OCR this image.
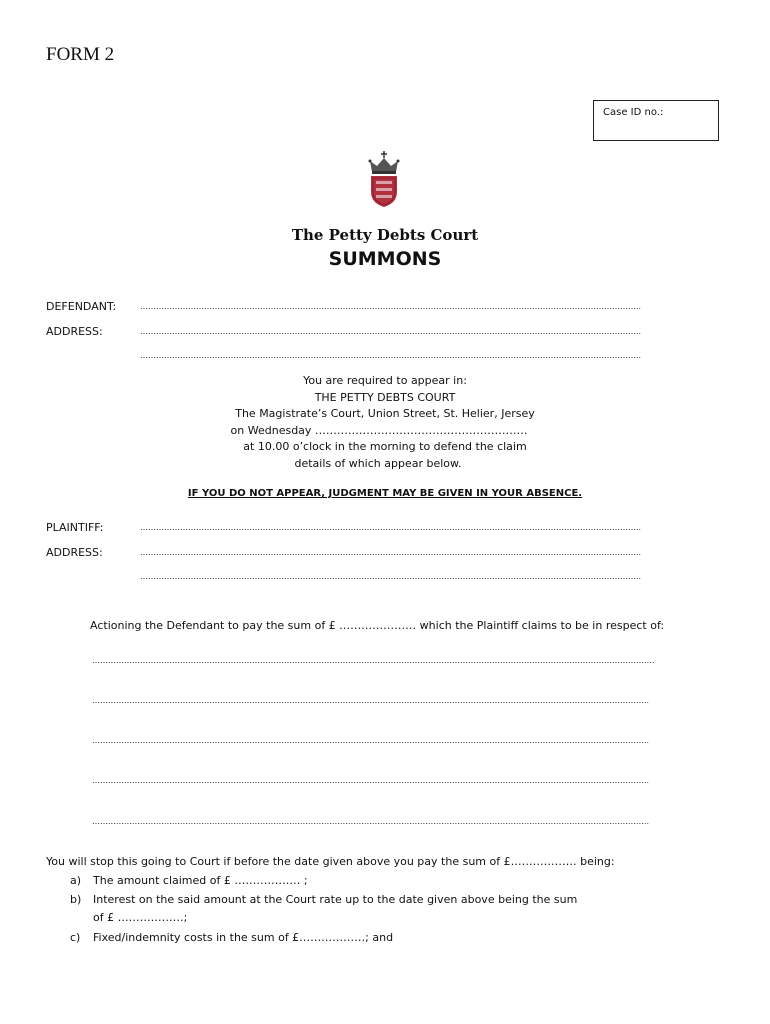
FORM 2
Case ID no.:
The Petty Debts Court
SUMMONS
DEFENDANT:	……………………………………………………………………………………………………………………………………………………………………..
ADDRESS:	……………………………………………………………………………………………………………………………………………………………………..
……………………………………………………………………………………………………………………………………………………………………..
You are required to appear in:
THE PETTY DEBTS COURT
The Magistrate’s Court, Union Street, St. Helier, Jersey
on Wednesday ………………………………………………….
at 10.00 o’clock in the morning to defend the claim
details of which appear below.
IF YOU DO NOT APPEAR, JUDGMENT MAY BE GIVEN IN YOUR ABSENCE.
PLAINTIFF:	……………………………………………………………………………………………………………………………………………………………………..
ADDRESS:	……………………………………………………………………………………………………………………………………………………………………..
……………………………………………………………………………………………………………………………………………………………………..
Actioning the Defendant to pay the sum of £ ………………… which the Plaintiff claims to be in respect of:
…….……………………………………………………………………………………………………………………………………………………………………………………
…….………………………………………………………………………………………………………………………………………………………………………………….
…….………………………………………………………………………………………………………………………………………………………………………………….
…….………………………………………………………………………………………………………………………………………………………………………………….
…….………………………………………………………………………………………………………………………………………………………………………………….
You will stop this going to Court if before the date given above you pay the sum of £……………… being:
a) The amount claimed of £ ……………… ;
b) Interest on the said amount at the Court rate up to the date given above being the sum
of £ ………………;
c) Fixed/indemnity costs in the sum of £………………; and
